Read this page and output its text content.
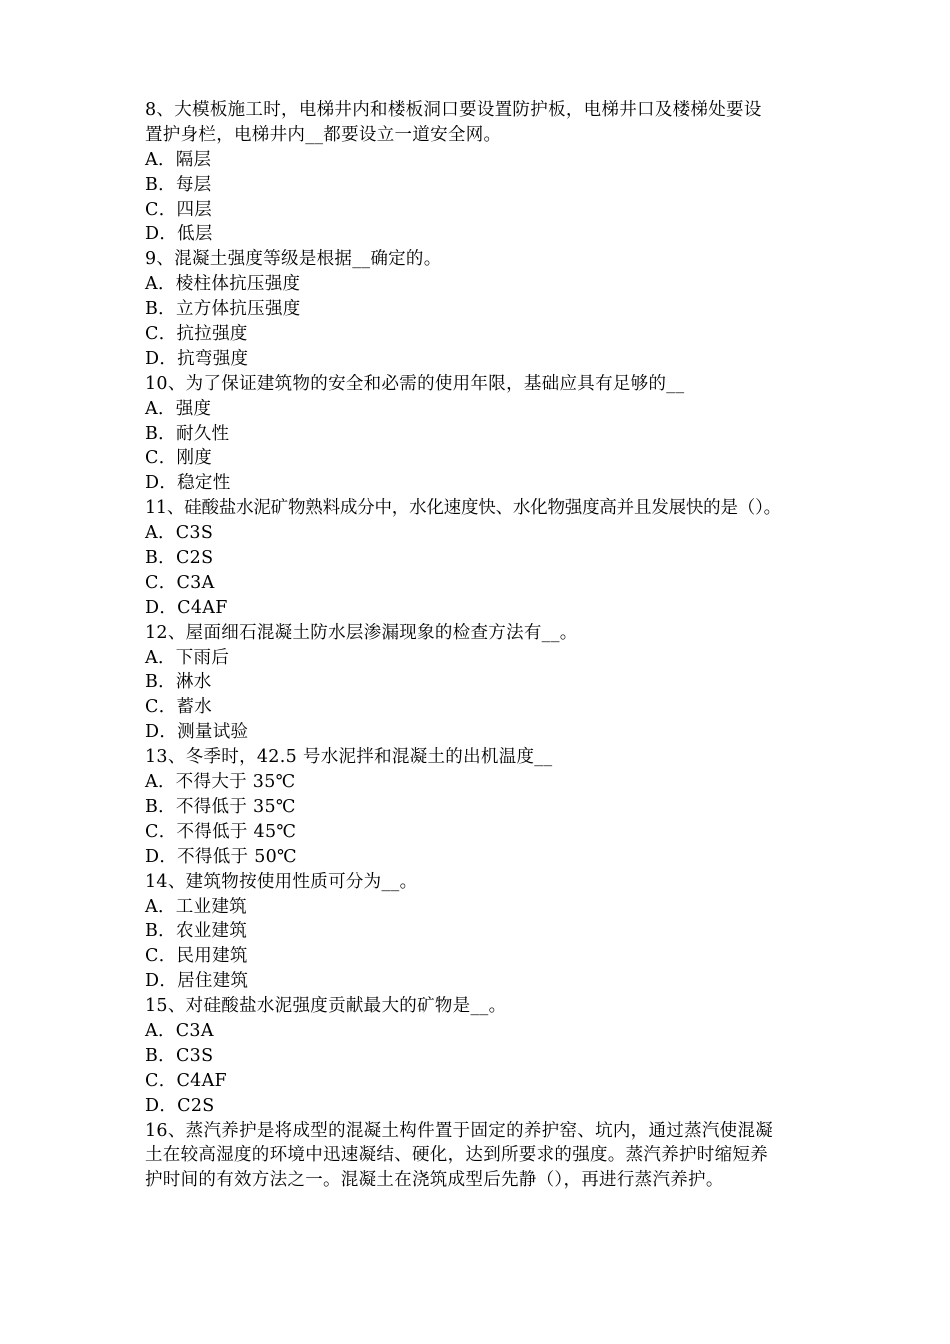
8、大模板施工时，电梯井内和楼板洞口要设置防护板，电梯井口及楼梯处要设
置护身栏，电梯井内__都要设立一道安全网。
A．隔层
B．每层
C．四层
D．低层
9、混凝土强度等级是根据__确定的。
A．棱柱体抗压强度
B．立方体抗压强度
C．抗拉强度
D．抗弯强度
10、为了保证建筑物的安全和必需的使用年限，基础应具有足够的__
A．强度
B．耐久性
C．刚度
D．稳定性
11、硅酸盐水泥矿物熟料成分中，水化速度快、水化物强度高并且发展快的是（）。
A．C3S
B．C2S
C．C3A
D．C4AF
12、屋面细石混凝土防水层渗漏现象的检查方法有__。
A．下雨后
B．淋水
C．蓄水
D．测量试验
13、冬季时，42.5 号水泥拌和混凝土的出机温度__
A．不得大于 35℃
B．不得低于 35℃
C．不得低于 45℃
D．不得低于 50℃
14、建筑物按使用性质可分为__。
A．工业建筑
B．农业建筑
C．民用建筑
D．居住建筑
15、对硅酸盐水泥强度贡献最大的矿物是__。
A．C3A
B．C3S
C．C4AF
D．C2S
16、蒸汽养护是将成型的混凝土构件置于固定的养护窑、坑内，通过蒸汽使混凝
土在较高湿度的环境中迅速凝结、硬化，达到所要求的强度。蒸汽养护时缩短养
护时间的有效方法之一。混凝土在浇筑成型后先静（），再进行蒸汽养护。
